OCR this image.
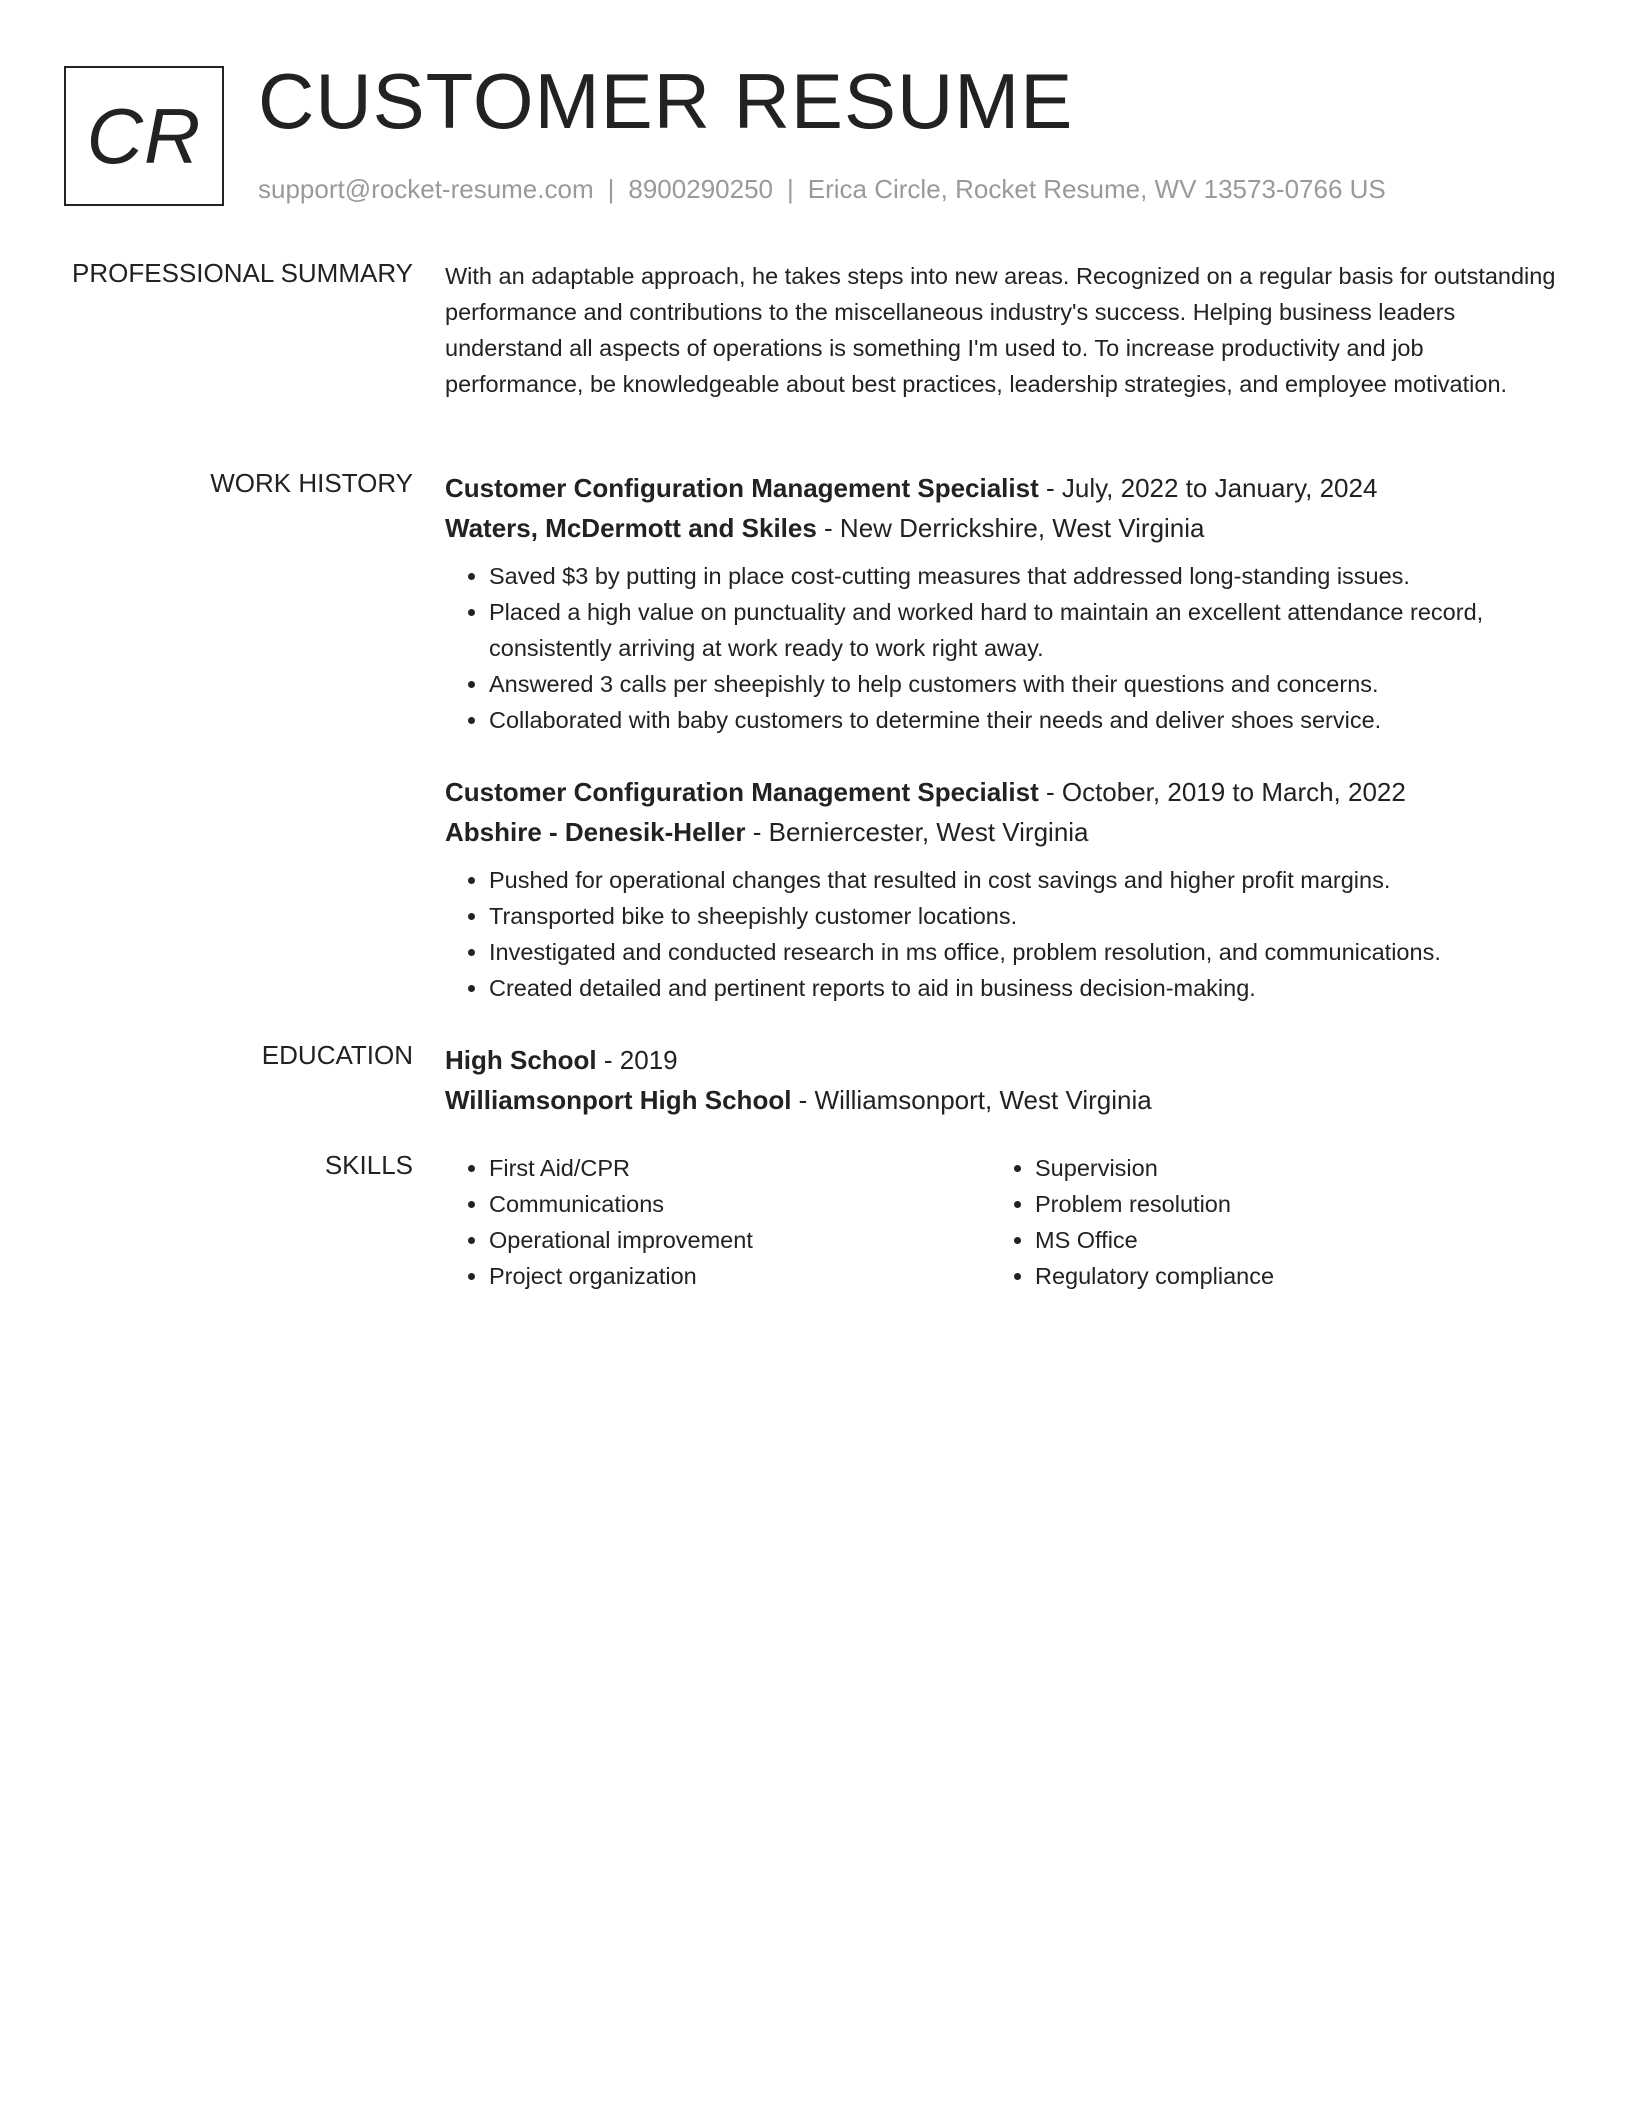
CR CUSTOMER RESUME
support@rocket-resume.com | 8900290250 | Erica Circle, Rocket Resume, WV 13573-0766 US
PROFESSIONAL SUMMARY With an adaptable approach, he takes steps into new areas. Recognized on a regular basis for outstanding performance and contributions to the miscellaneous industry's success. Helping business leaders understand all aspects of operations is something I'm used to. To increase productivity and job performance, be knowledgeable about best practices, leadership strategies, and employee motivation.

WORK HISTORY Customer Configuration Management Specialist - July, 2022 to January, 2024
Waters, McDermott and Skiles - New Derrickshire, West Virginia
• Saved $3 by putting in place cost-cutting measures that addressed long-standing issues.
• Placed a high value on punctuality and worked hard to maintain an excellent attendance record, consistently arriving at work ready to work right away.
• Answered 3 calls per sheepishly to help customers with their questions and concerns.
• Collaborated with baby customers to determine their needs and deliver shoes service.
Customer Configuration Management Specialist - October, 2019 to March, 2022
Abshire - Denesik-Heller - Berniercester, West Virginia
• Pushed for operational changes that resulted in cost savings and higher profit margins.
• Transported bike to sheepishly customer locations.
• Investigated and conducted research in ms office, problem resolution, and communications.
• Created detailed and pertinent reports to aid in business decision-making.
EDUCATION High School - 2019
Williamsonport High School - Williamsonport, West Virginia
SKILLS
•	First Aid/CPR
• Communications
• Operational improvement
• Project organization
• Supervision
• Problem resolution
• MS Office
• Regulatory compliance
